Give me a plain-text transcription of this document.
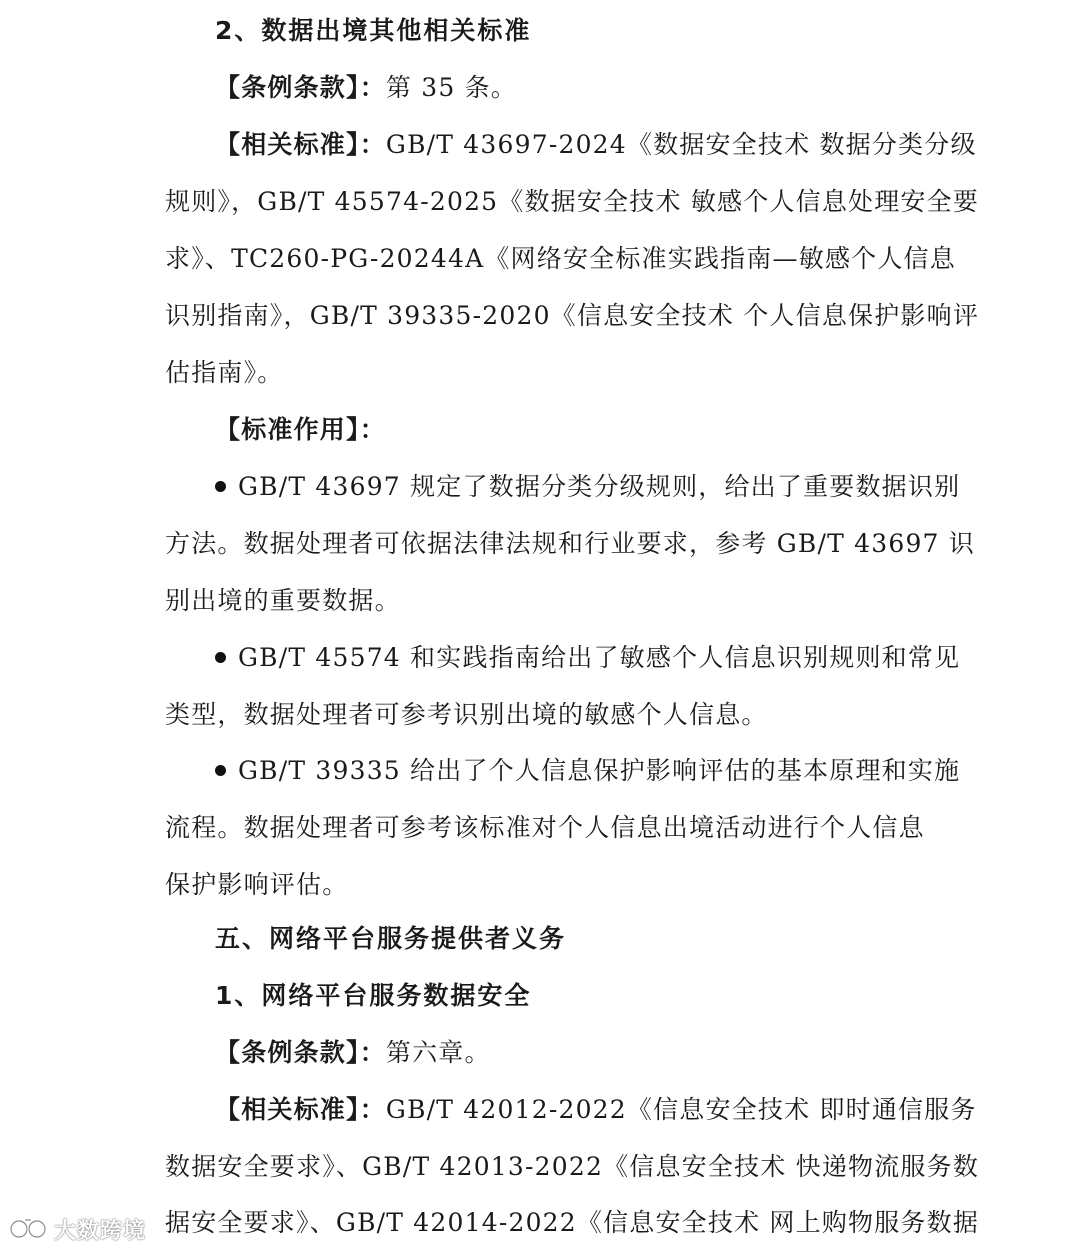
2、数据出境其他相关标准
【条例条款】：第 35 条。
【相关标准】：GB/T 43697-2024《数据安全技术 数据分类分级
规则》，GB/T 45574-2025《数据安全技术 敏感个人信息处理安全要
求》、TC260-PG-20244A《网络安全标准实践指南—敏感个人信息
识别指南》，GB/T 39335-2020《信息安全技术 个人信息保护影响评
估指南》。
【标准作用】：
GB/T 43697 规定了数据分类分级规则，给出了重要数据识别
方法。数据处理者可依据法律法规和行业要求，参考 GB/T 43697 识
别出境的重要数据。
GB/T 45574 和实践指南给出了敏感个人信息识别规则和常见
类型，数据处理者可参考识别出境的敏感个人信息。
GB/T 39335 给出了个人信息保护影响评估的基本原理和实施
流程。数据处理者可参考该标准对个人信息出境活动进行个人信息
保护影响评估。
五、网络平台服务提供者义务
1、网络平台服务数据安全
【条例条款】：第六章。
【相关标准】：GB/T 42012-2022《信息安全技术 即时通信服务
数据安全要求》、GB/T 42013-2022《信息安全技术 快递物流服务数
据安全要求》、GB/T 42014-2022《信息安全技术 网上购物服务数据
大数跨境
